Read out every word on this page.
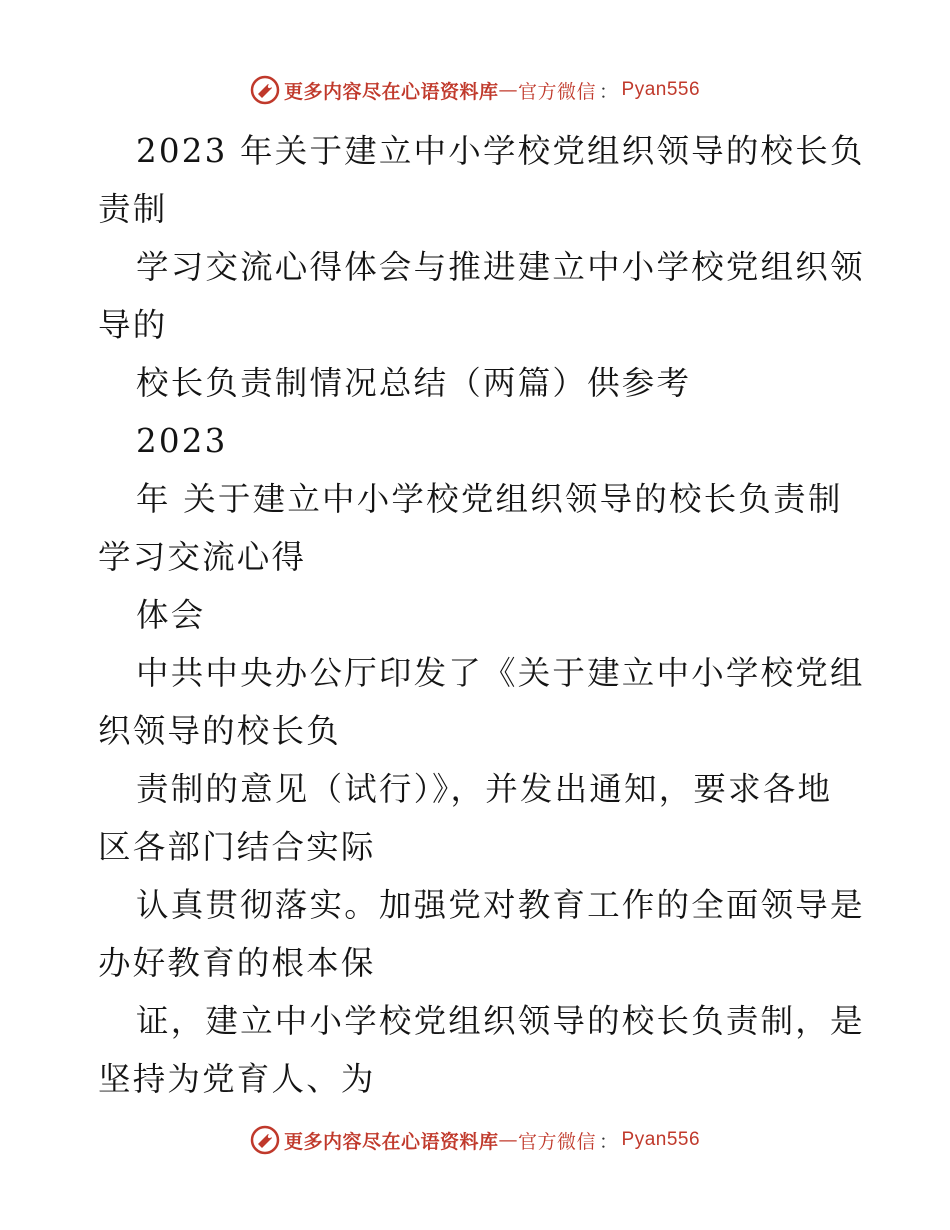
更多内容尽在心语资料库 — 官方微信 ： Pyan556

2023 年关于建立中小学校党组织领导的校长负

责制

学习交流心得体会与推进建立中小学校党组织领

导的

校长负责制情况总结（两篇）供参考

2023

年 关于建立中小学校党组织领导的校长负责制

学习交流心得

体会

中共中央办公厅印发了《关于建立中小学校党组

织领导的校长负

责制的意见（试行）》，并发出通知，要求各地

区各部门结合实际

认真贯彻落实。加强党对教育工作的全面领导是

办好教育的根本保

证，建立中小学校党组织领导的校长负责制，是

坚持为党育人、为

更多内容尽在心语资料库 — 官方微信 ： Pyan556
